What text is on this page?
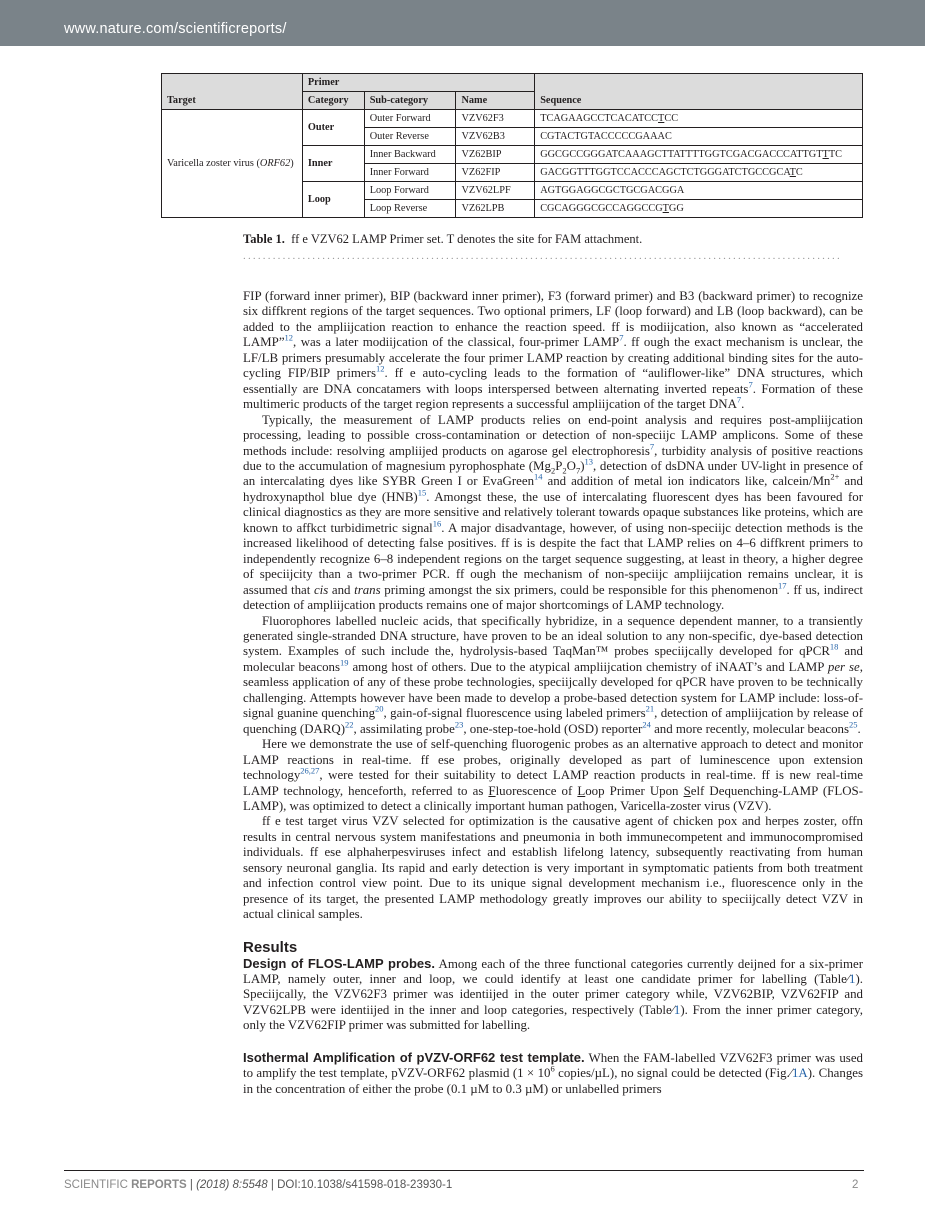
www.nature.com/scientificreports/
	Primer			
Target	Category	Sub-category	Name	Sequence
Varicella zoster virus (ORF62)	Outer	Outer Forward	VZV62F3	TCAGAAGCCTCACATCCTCC
		Outer Reverse	VZV62B3	CGTACTGTACCCCCGAAAC
	Inner	Inner Backward	VZ62BIP	GGCGCCGGGATCAAAGCTTATTTTGGTCGACGACCCATTGTTTC
		Inner Forward	VZ62FIP	GACGGTTTGGTCCACCCAGCTCTGGGATCTGCCGCATC
	Loop	Loop Forward	VZV62LPF	AGTGGAGGCGCTGCGACGGA
		Loop Reverse	VZ62LPB	CGCAGGGCGCCAGGCCGTGG
Table 1. ff e VZV62 LAMP Primer set. T denotes the site for FAM attachment.
.........................................................................................................................

FIP (forward inner primer), BIP (backward inner primer), F3 (forward primer) and B3 (backward primer) to recognize six diffkrent regions of the target sequences. Two optional primers, LF (loop forward) and LB (loop backward), can be added to the ampliijcation reaction to enhance the reaction speed. ff is modiijcation, also known as “accelerated LAMP”$^{12}$, was a later modiijcation of the classical, four-primer LAMP$^7$. ff ough the exact mechanism is unclear, the LF/LB primers presumably accelerate the four primer LAMP reaction by creating additional binding sites for the auto-cycling FIP/BIP primers$^{12}$. ff e auto-cycling leads to the formation of “auliflower-like” DNA structures, which essentially are DNA concatamers with loops interspersed between alternating inverted repeats$^7$. Formation of these multimeric products of the target region represents a successful ampliijcation of the target DNA$^7$.

Typically, the measurement of LAMP products relies on end-point analysis and requires post-ampliijcation processing, leading to possible cross-contamination or detection of non-speciijc LAMP amplicons. Some of these methods include: resolving ampliijed products on agarose gel electrophoresis$^7$, turbidity analysis of positive reactions due to the accumulation of magnesium pyrophosphate $(Mg_2P_2O_7)^{13}$, detection of dsDNA under UV-light in presence of an intercalating dyes like SYBR Green I or EvaGreen$^{14}$ and addition of metal ion indicators like, calcein/$Mn^{2+}$ and hydroxynapthol blue dye (HNB)$^{15}$. Amongst these, the use of intercalating fluorescent dyes has been favoured for clinical diagnostics as they are more sensitive and relatively tolerant towards opaque substances like proteins, which are known to affkct turbidimetric signal$^{16}$. A major disadvantage, however, of using non-speciijc detection methods is the increased likelihood of detecting false positives. ff is is despite the fact that LAMP relies on 4–6 diffkrent primers to independently recognize 6–8 independent regions on the target sequence suggesting, at least in theory, a higher degree of speciijcity than a two-primer PCR. ff ough the mechanism of non-speciijc ampliijcation remains unclear, it is assumed that cis and trans priming amongst the six primers, could be responsible for this phenomenon$^{17}$. ff us, indirect detection of ampliijcation products remains one of major shortcomings of LAMP technology.

Fluorophores labelled nucleic acids, that specifically hybridize, in a sequence dependent manner, to a transiently generated single-stranded DNA structure, have proven to be an ideal solution to any non-specific, dye-based detection system. Examples of such include the, hydrolysis-based TaqMan™ probes speciijcally developed for qPCR$^{18}$ and molecular beacons$^{19}$ among host of others. Due to the atypical ampliijcation chemistry of iNAAT’s and LAMP per se, seamless application of any of these probe technologies, speciijcally developed for qPCR have proven to be technically challenging. Attempts however have been made to develop a probe-based detection system for LAMP include: loss-of-signal guanine quenching$^{20}$, gain-of-signal fluorescence using labeled primers$^{21}$, detection of ampliijcation by release of quenching (DARQ)$^{22}$, assimilating probe$^{23}$, one-step-toe-hold (OSD) reporter$^{24}$ and more recently, molecular beacons$^{25}$.

Here we demonstrate the use of self-quenching fluorogenic probes as an alternative approach to detect and monitor LAMP reactions in real-time. ff ese probes, originally developed as part of luminescence upon extension technology$^{26,27}$, were tested for their suitability to detect LAMP reaction products in real-time. ff is new real-time LAMP technology, henceforth, referred to as Fluorescence of Loop Primer Upon Self Dequenching-LAMP (FLOS-LAMP), was optimized to detect a clinically important human pathogen, Varicella-zoster virus (VZV).

ff e test target virus VZV selected for optimization is the causative agent of chicken pox and herpes zoster, offn results in central nervous system manifestations and pneumonia in both immunecompetent and immunocompromised individuals. ff ese alphaherpesviruses infect and establish lifelong latency, subsequently reactivating from human sensory neuronal ganglia. Its rapid and early detection is very important in symptomatic patients from both treatment and infection control view point. Due to its unique signal development mechanism i.e., fluorescence only in the presence of its target, the presented LAMP methodology greatly improves our ability to speciijcally detect VZV in actual clinical samples.

Results

Design of FLOS-LAMP probes. Among each of the three functional categories currently deijned for a six-primer LAMP, namely outer, inner and loop, we could identify at least one candidate primer for labelling (Table⁄1). Speciijcally, the VZV62F3 primer was identiijed in the outer primer category while, VZV62BIP, VZV62FIP and VZV62LPB were identiijed in the inner and loop categories, respectively (Table⁄1). From the inner primer category, only the VZV62FIP primer was submitted for labelling.

Isothermal Amplification of pVZV-ORF62 test template. When the FAM-labelled VZV62F3 primer was used to amplify the test template, pVZV-ORF62 plasmid ($1 \times 10^6$ copies/µL), no signal could be detected (Fig.⁄1A). Changes in the concentration of either the probe (0.1 µM to 0.3 µM) or unlabelled primers

SCIENTIFIC REPORTS | (2018) 8:5548 | DOI:10.1038/s41598-018-23930-1	2
